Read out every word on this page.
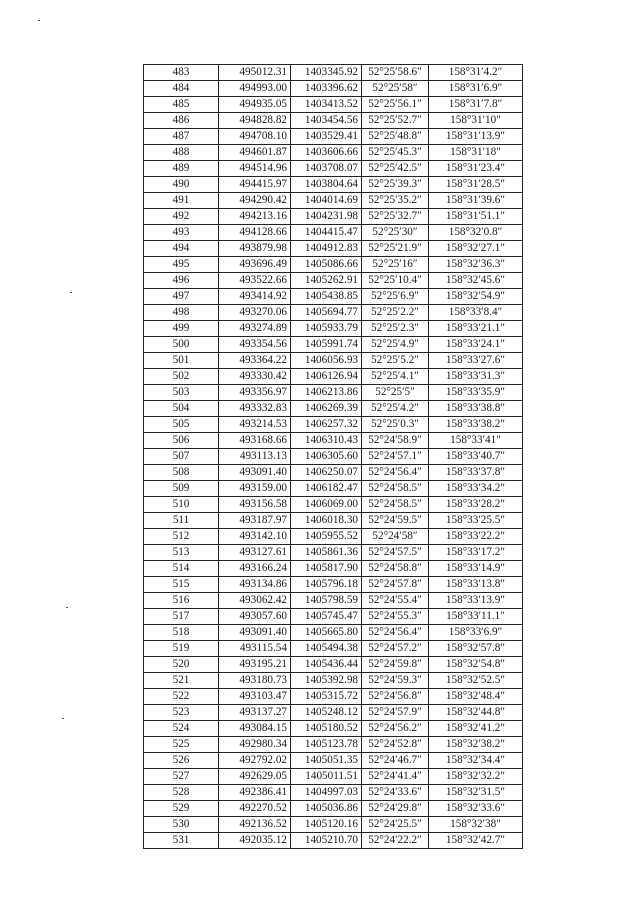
483	495012.31	1403345.92	52°25′58.6″	158°31′4.2″
484	494993.00	1403396.62	52°25′58″	158°31′6.9″
485	494935.05	1403413.52	52°25′56.1″	158°31′7.8″
486	494828.82	1403454.56	52°25′52.7″	158°31′10″
487	494708.10	1403529.41	52°25′48.8″	158°31′13.9″
488	494601.87	1403606.66	52°25′45.3″	158°31′18″
489	494514.96	1403708.07	52°25′42.5″	158°31′23.4″
490	494415.97	1403804.64	52°25′39.3″	158°31′28.5″
491	494290.42	1404014.69	52°25′35.2″	158°31′39.6″
492	494213.16	1404231.98	52°25′32.7″	158°31′51.1″
493	494128.66	1404415.47	52°25′30″	158°32′0.8″
494	493879.98	1404912.83	52°25′21.9″	158°32′27.1″
495	493696.49	1405086.66	52°25′16″	158°32′36.3″
496	493522.66	1405262.91	52°25′10.4″	158°32′45.6″
497	493414.92	1405438.85	52°25′6.9″	158°32′54.9″
498	493270.06	1405694.77	52°25′2.2″	158°33′8.4″
499	493274.89	1405933.79	52°25′2.3″	158°33′21.1″
500	493354.56	1405991.74	52°25′4.9″	158°33′24.1″
501	493364.22	1406056.93	52°25′5.2″	158°33′27.6″
502	493330.42	1406126.94	52°25′4.1″	158°33′31.3″
503	493356.97	1406213.86	52°25′5″	158°33′35.9″
504	493332.83	1406269.39	52°25′4.2″	158°33′38.8″
505	493214.53	1406257.32	52°25′0.3″	158°33′38.2″
506	493168.66	1406310.43	52°24′58.9″	158°33′41″
507	493113.13	1406305.60	52°24′57.1″	158°33′40.7″
508	493091.40	1406250.07	52°24′56.4″	158°33′37.8″
509	493159.00	1406182.47	52°24′58.5″	158°33′34.2″
510	493156.58	1406069.00	52°24′58.5″	158°33′28.2″
511	493187.97	1406018.30	52°24′59.5″	158°33′25.5″
512	493142.10	1405955.52	52°24′58″	158°33′22.2″
513	493127.61	1405861.36	52°24′57.5″	158°33′17.2″
514	493166.24	1405817.90	52°24′58.8″	158°33′14.9″
515	493134.86	1405796.18	52°24′57.8″	158°33′13.8″
516	493062.42	1405798.59	52°24′55.4″	158°33′13.9″
517	493057.60	1405745.47	52°24′55.3″	158°33′11.1″
518	493091.40	1405665.80	52°24′56.4″	158°33′6.9″
519	493115.54	1405494.38	52°24′57.2″	158°32′57.8″
520	493195.21	1405436.44	52°24′59.8″	158°32′54.8″
521	493180.73	1405392.98	52°24′59.3″	158°32′52.5″
522	493103.47	1405315.72	52°24′56.8″	158°32′48.4″
523	493137.27	1405248.12	52°24′57.9″	158°32′44.8″
524	493084.15	1405180.52	52°24′56.2″	158°32′41.2″
525	492980.34	1405123.78	52°24′52.8″	158°32′38.2″
526	492792.02	1405051.35	52°24′46.7″	158°32′34.4″
527	492629.05	1405011.51	52°24′41.4″	158°32′32.2″
528	492386.41	1404997.03	52°24′33.6″	158°32′31.5″
529	492270.52	1405036.86	52°24′29.8″	158°32′33.6″
530	492136.52	1405120.16	52°24′25.5″	158°32′38″
531	492035.12	1405210.70	52°24′22.2″	158°32′42.7″
